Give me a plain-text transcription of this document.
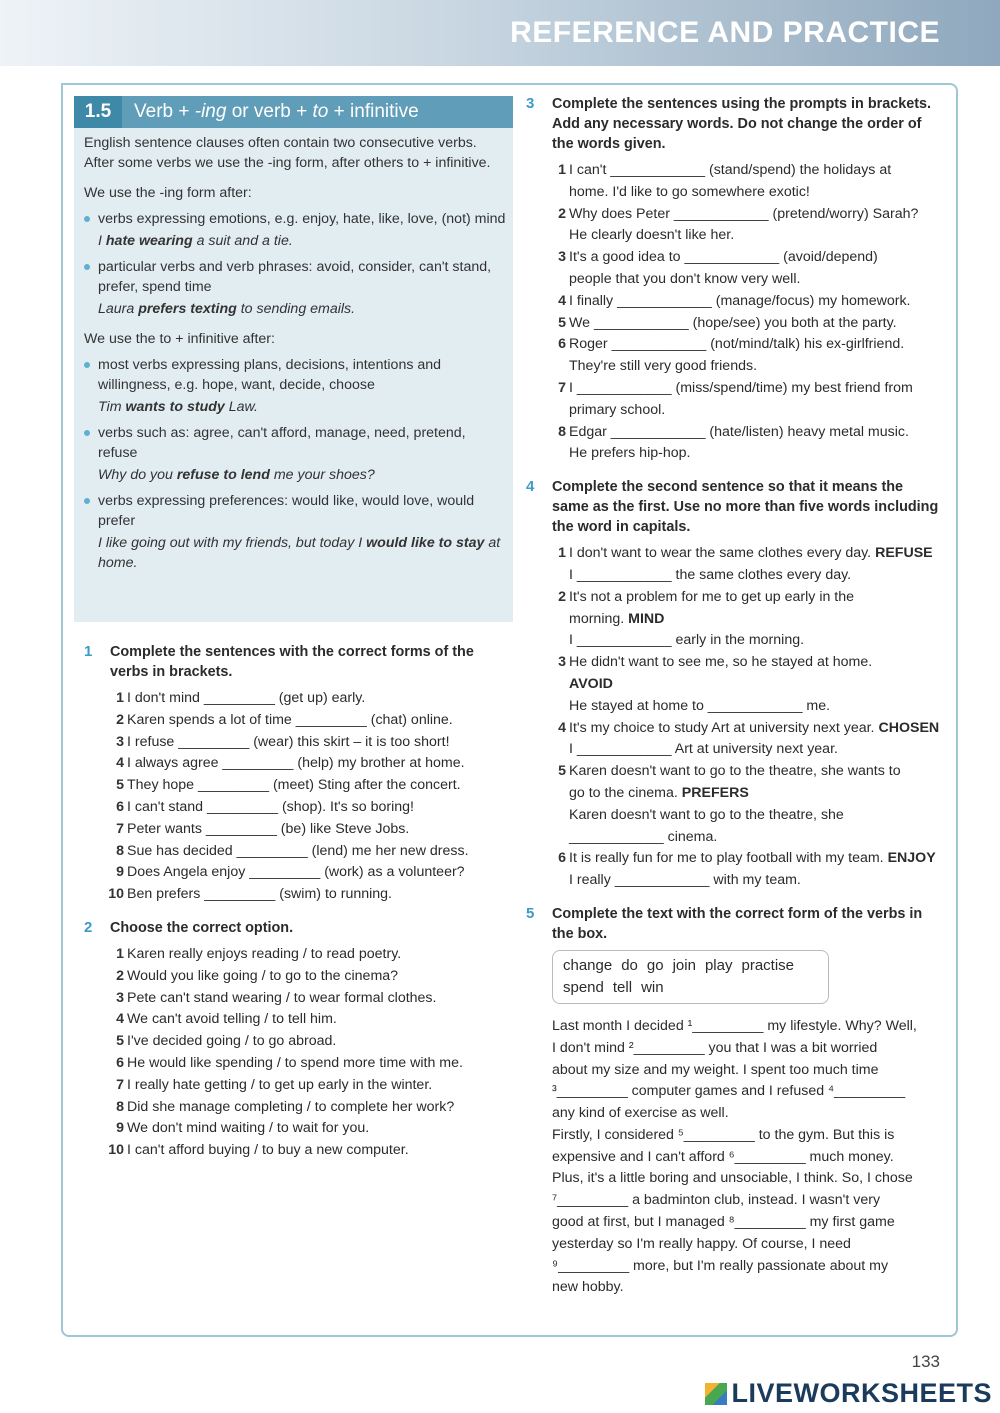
REFERENCE AND PRACTICE
1.5	Verb + -ing or verb + to + infinitive

English sentence clauses often contain two consecutive verbs. After some verbs we use the -ing form, after others to + infinitive.

We use the -ing form after:

verbs expressing emotions, e.g. enjoy, hate, like, love, (not) mind
I hate wearing a suit and a tie.
particular verbs and verb phrases: avoid, consider, can't stand, prefer, spend time
Laura prefers texting to sending emails.

We use the to + infinitive after:

most verbs expressing plans, decisions, intentions and willingness, e.g. hope, want, decide, choose
Tim wants to study Law.
verbs such as: agree, can't afford, manage, need, pretend, refuse
Why do you refuse to lend me your shoes?
verbs expressing preferences: would like, would love, would prefer
I like going out with my friends, but today I would like to stay at home.
1 Complete the sentences with the correct forms of the verbs in brackets.
1 I don't mind _________ (get up) early.
2 Karen spends a lot of time _________ (chat) online.
3 I refuse _________ (wear) this skirt – it is too short!
4 I always agree _________ (help) my brother at home.
5 They hope _________ (meet) Sting after the concert.
6 I can't stand _________ (shop). It's so boring!
7 Peter wants _________ (be) like Steve Jobs.
8 Sue has decided _________ (lend) me her new dress.
9 Does Angela enjoy _________ (work) as a volunteer?
10 Ben prefers _________ (swim) to running.
2 Choose the correct option.
1 Karen really enjoys reading / to read poetry.
2 Would you like going / to go to the cinema?
3 Pete can't stand wearing / to wear formal clothes.
4 We can't avoid telling / to tell him.
5 I've decided going / to go abroad.
6 He would like spending / to spend more time with me.
7 I really hate getting / to get up early in the winter.
8 Did she manage completing / to complete her work?
9 We don't mind waiting / to wait for you.
10 I can't afford buying / to buy a new computer.
3 Complete the sentences using the prompts in brackets. Add any necessary words. Do not change the order of the words given.
1 I can't ____________ (stand/spend) the holidays at
home. I'd like to go somewhere exotic!
2 Why does Peter ____________ (pretend/worry) Sarah?
He clearly doesn't like her.
3 It's a good idea to ____________ (avoid/depend)
people that you don't know very well.
4 I finally ____________ (manage/focus) my homework.
5 We ____________ (hope/see) you both at the party.
6 Roger ____________ (not/mind/talk) his ex-girlfriend.
They're still very good friends.
7 I ____________ (miss/spend/time) my best friend from
primary school.
8 Edgar ____________ (hate/listen) heavy metal music.
He prefers hip-hop.
4 Complete the second sentence so that it means the same as the first. Use no more than five words including the word in capitals.
1 I don't want to wear the same clothes every day. REFUSE
I ____________ the same clothes every day.
2 It's not a problem for me to get up early in the
morning. MIND
I ____________ early in the morning.
3 He didn't want to see me, so he stayed at home.
AVOID
He stayed at home to ____________ me.
4 It's my choice to study Art at university next year. CHOSEN
I ____________ Art at university next year.
5 Karen doesn't want to go to the theatre, she wants to
go to the cinema. PREFERS
Karen doesn't want to go to the theatre, she
____________ cinema.
6 It is really fun for me to play football with my team. ENJOY
I really ____________ with my team.
5 Complete the text with the correct form of the verbs in the box.
change do go join play practise
spend tell win

Last month I decided ¹_________ my lifestyle. Why? Well,

I don't mind ²_________ you that I was a bit worried

about my size and my weight. I spent too much time

³_________ computer games and I refused ⁴_________

any kind of exercise as well.

Firstly, I considered ⁵_________ to the gym. But this is

expensive and I can't afford ⁶_________ much money.

Plus, it's a little boring and unsociable, I think. So, I chose

⁷_________ a badminton club, instead. I wasn't very

good at first, but I managed ⁸_________ my first game

yesterday so I'm really happy. Of course, I need

⁹_________ more, but I'm really passionate about my

new hobby.

133
LIVEWORKSHEETS
